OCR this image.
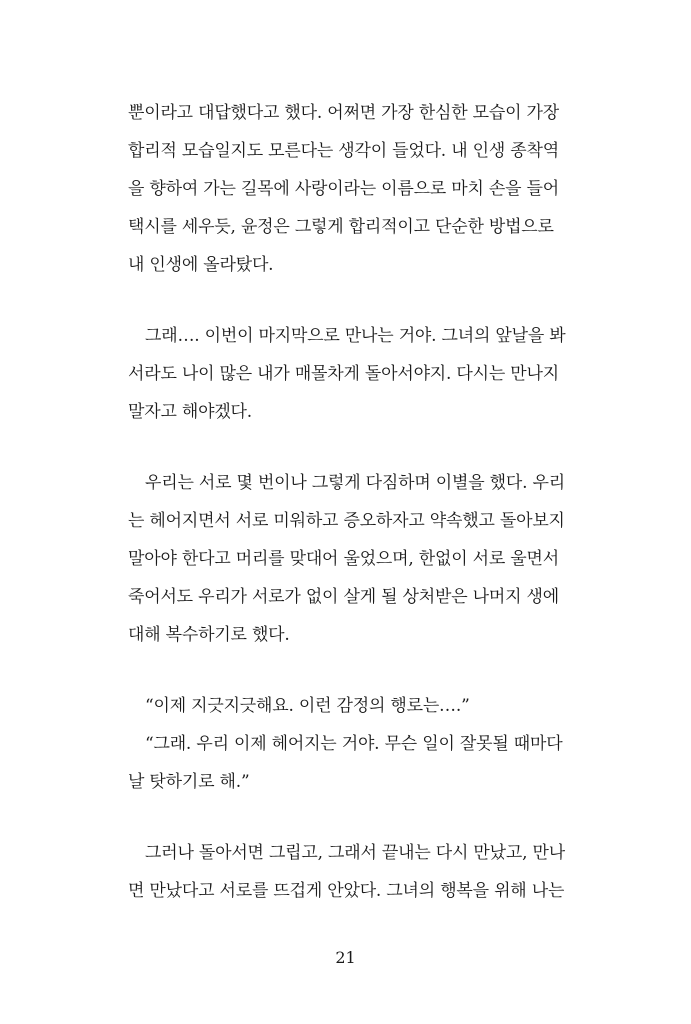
뿐이라고 대답했다고 했다. 어쩌면 가장 한심한 모습이 가장
합리적 모습일지도 모른다는 생각이 들었다. 내 인생 종착역
을 향하여 가는 길목에 사랑이라는 이름으로 마치 손을 들어
택시를 세우듯, 윤정은 그렇게 합리적이고 단순한 방법으로
내 인생에 올라탔다.
그래…. 이번이 마지막으로 만나는 거야. 그녀의 앞날을 봐
서라도 나이 많은 내가 매몰차게 돌아서야지. 다시는 만나지
말자고 해야겠다.
우리는 서로 몇 번이나 그렇게 다짐하며 이별을 했다. 우리
는 헤어지면서 서로 미워하고 증오하자고 약속했고 돌아보지
말아야 한다고 머리를 맞대어 울었으며, 한없이 서로 울면서
죽어서도 우리가 서로가 없이 살게 될 상처받은 나머지 생에
대해 복수하기로 했다.
“이제 지긋지긋해요. 이런 감정의 행로는….”
“그래. 우리 이제 헤어지는 거야. 무슨 일이 잘못될 때마다
날 탓하기로 해.”
그러나 돌아서면 그립고, 그래서 끝내는 다시 만났고, 만나
면 만났다고 서로를 뜨겁게 안았다. 그녀의 행복을 위해 나는
21
